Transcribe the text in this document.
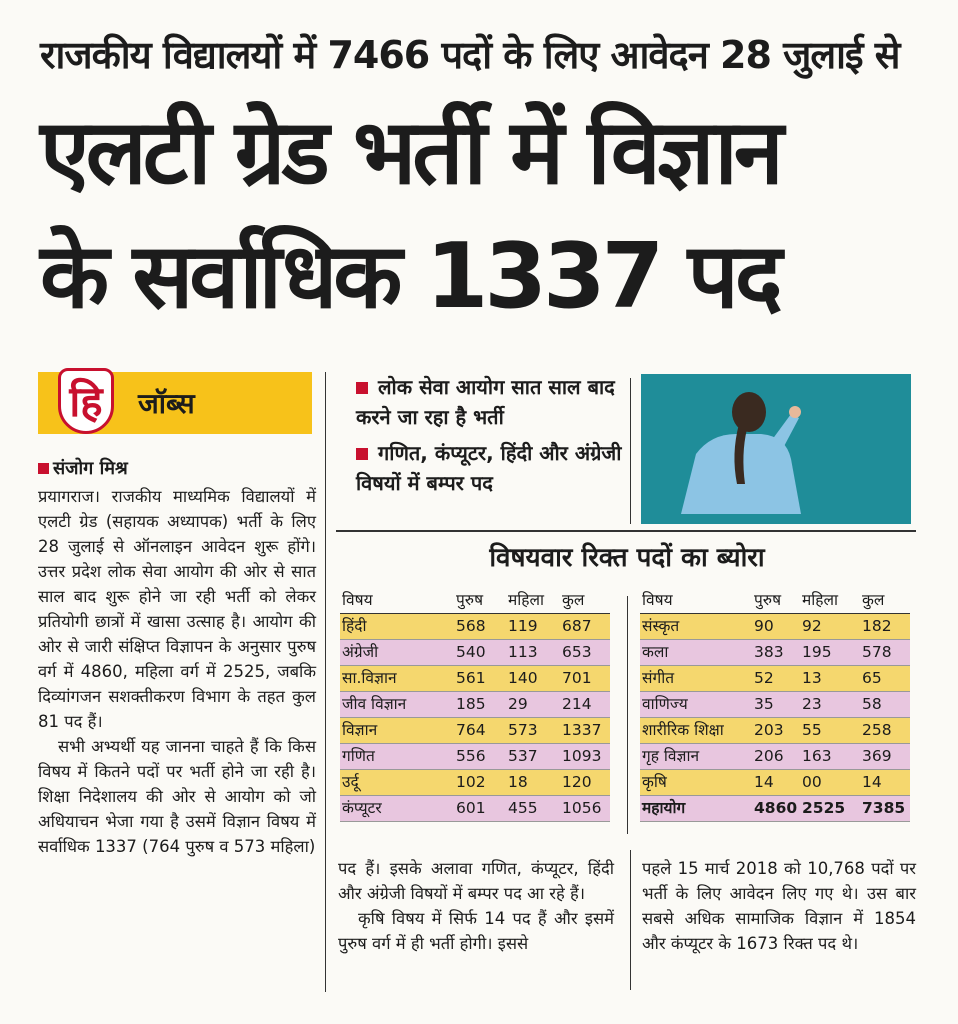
राजकीय विद्यालयों में 7466 पदों के लिए आवेदन 28 जुलाई से
एलटी ग्रेड भर्ती में विज्ञान
के सर्वाधिक 1337 पद
हि	जॉब्स
संजोग मिश्र

प्रयागराज। राजकीय माध्यमिक विद्यालयों में एलटी ग्रेड (सहायक अध्यापक) भर्ती के लिए 28 जुलाई से ऑनलाइन आवेदन शुरू होंगे। उत्तर प्रदेश लोक सेवा आयोग की ओर से सात साल बाद शुरू होने जा रही भर्ती को लेकर प्रतियोगी छात्रों में खासा उत्साह है। आयोग की ओर से जारी संक्षिप्त विज्ञापन के अनुसार पुरुष वर्ग में 4860, महिला वर्ग में 2525, जबकि दिव्यांगजन सशक्तीकरण विभाग के तहत कुल 81 पद हैं।

सभी अभ्यर्थी यह जानना चाहते हैं कि किस विषय में कितने पदों पर भर्ती होने जा रही है। शिक्षा निदेशालय की ओर से आयोग को जो अधियाचन भेजा गया है उसमें विज्ञान विषय में सर्वाधिक 1337 (764 पुरुष व 573 महिला)

लोक सेवा आयोग सात साल बाद करने जा रहा है भर्ती
गणित, कंप्यूटर, हिंदी और अंग्रेजी विषयों में बम्पर पद
विषयवार रिक्त पदों का ब्योरा
विषय	पुरुष महिला कुल
हिंदी	568 119 687
अंग्रेजी	540 113 653
सा.विज्ञान	561 140 701
जीव विज्ञान	185 29 214
विज्ञान	764 573 1337
गणित	556 537 1093
उर्दू	102 18 120
कंप्यूटर	601 455 1056
विषय	पुरुष महिला कुल
संस्कृत	90 92	182
कला	383 195 578
संगीत	52 13	65
वाणिज्य	35 23	58
शारीरिक शिक्षा 203 55	258
गृह विज्ञान	206 163 369
कृषि	14 00	14
महायोग	4860 2525 7385

पद हैं। इसके अलावा गणित, कंप्यूटर, हिंदी और अंग्रेजी विषयों में बम्पर पद आ रहे हैं।

कृषि विषय में सिर्फ 14 पद हैं और इसमें पुरुष वर्ग में ही भर्ती होगी। इससे

पहले 15 मार्च 2018 को 10,768 पदों पर भर्ती के लिए आवेदन लिए गए थे। उस बार सबसे अधिक सामाजिक विज्ञान में 1854 और कंप्यूटर के 1673 रिक्त पद थे।
